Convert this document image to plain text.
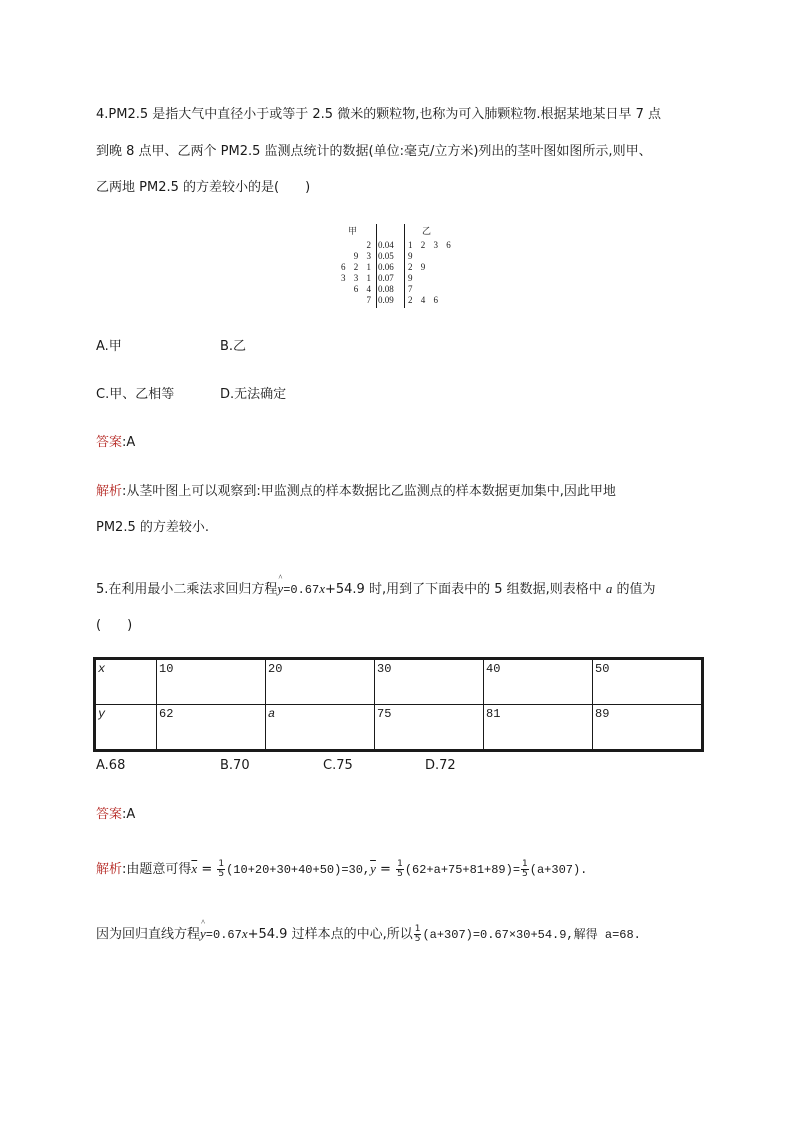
4.PM2.5 是指大气中直径小于或等于 2.5 微米的颗粒物,也称为可入肺颗粒物.根据某地某日早 7 点
到晚 8 点甲、乙两个 PM2.5 监测点统计的数据(单位:毫克/立方米)列出的茎叶图如图所示,则甲、
乙两地 PM2.5 的方差较小的是(　　)
甲	乙
2 0.04 1 2 3 6
9 3 0.05 9
6 2 1 0.06 2 9
3 3 1 0.07 9
6 4 0.08 7
7 0.09 2 4 6
A.甲	B.乙
C.甲、乙相等	D.无法确定
答案:A
解析:从茎叶图上可以观察到:甲监测点的样本数据比乙监测点的样本数据更加集中,因此甲地
PM2.5 的方差较小.
5.在利用最小二乘法求回归方程^ y=0.67x+54.9 时,用到了下面表中的 5 组数据,则表格中 a 的值为
(　　)
x	10	20	30	40	50
y	62	a	75	81	89
A.68	B.70	C.75	D.72
答案:A
解析:由题意可得$\overline{x} = \frac{1}{5} (10+20+30+40+50)=30,\overline{y} = \frac{1}{5} (62+a+75+81+89)= \frac{1}{5} (a+307)$.
因为回归直线方程^ y=0.67x+54.9 过样本点的中心,所以 $\frac{1}{5} (a+307)=0.67\times 30+54.9$,解得 a=68.
